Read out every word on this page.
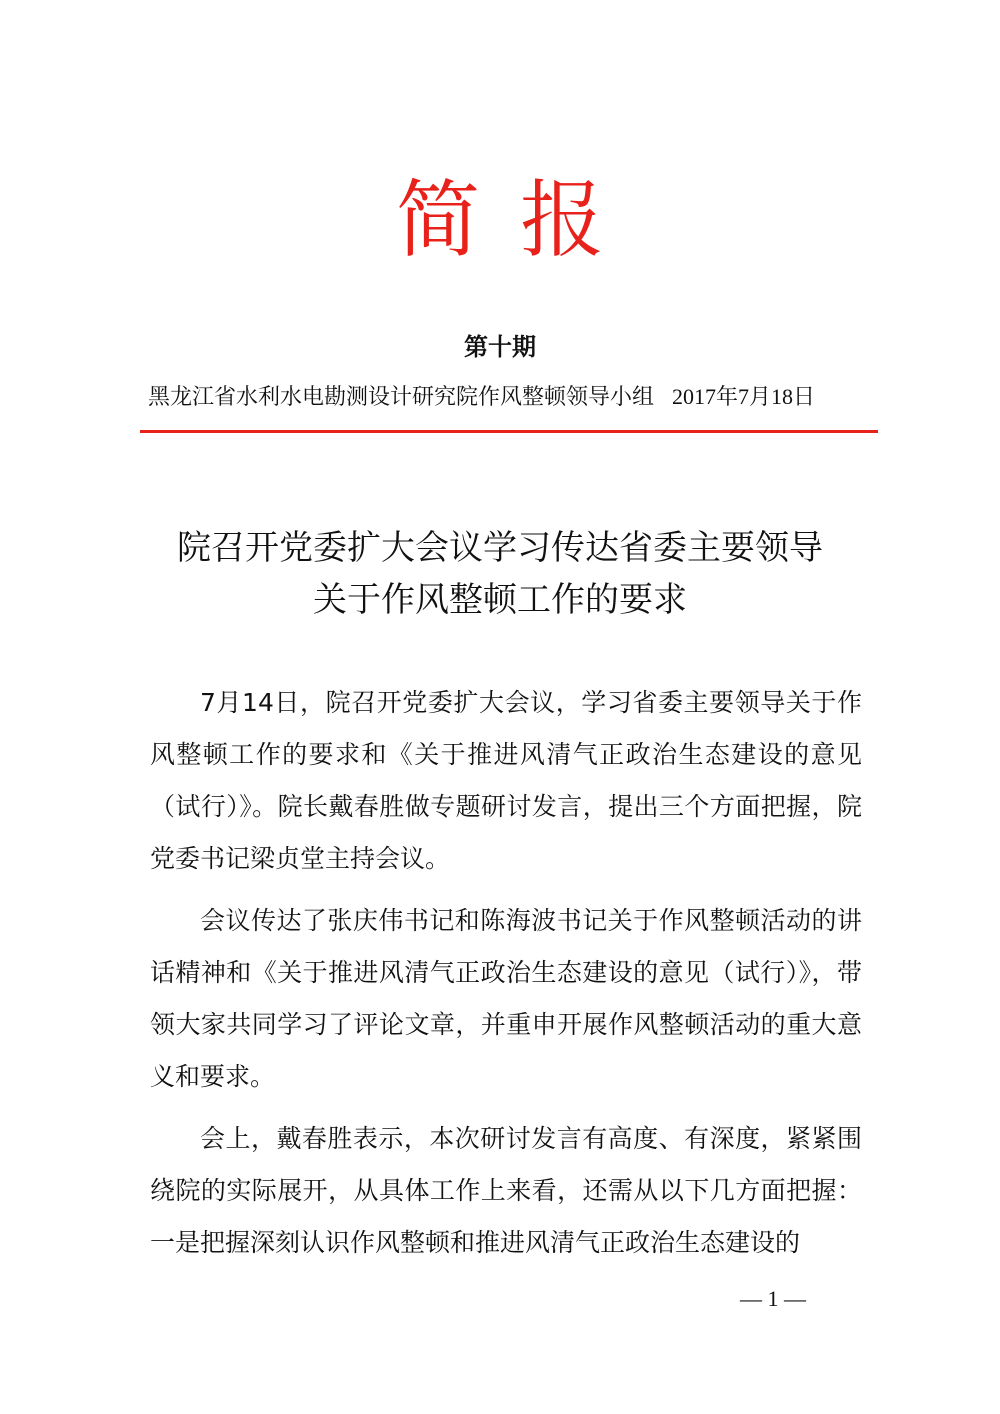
简报
第十期
黑龙江省水利水电勘测设计研究院作风整顿领导小组 2017年7月18日
院召开党委扩大会议学习传达省委主要领导
关于作风整顿工作的要求

7月14日，院召开党委扩大会议，学习省委主要领导关于作风整顿工作的要求和《关于推进风清气正政治生态建设的意见（试行）》。院长戴春胜做专题研讨发言，提出三个方面把握，院党委书记梁贞堂主持会议。

会议传达了张庆伟书记和陈海波书记关于作风整顿活动的讲话精神和《关于推进风清气正政治生态建设的意见（试行）》，带领大家共同学习了评论文章，并重申开展作风整顿活动的重大意义和要求。

会上，戴春胜表示，本次研讨发言有高度、有深度，紧紧围绕院的实际展开，从具体工作上来看，还需从以下几方面把握：一是把握深刻认识作风整顿和推进风清气正政治生态建设的

— 1 —
